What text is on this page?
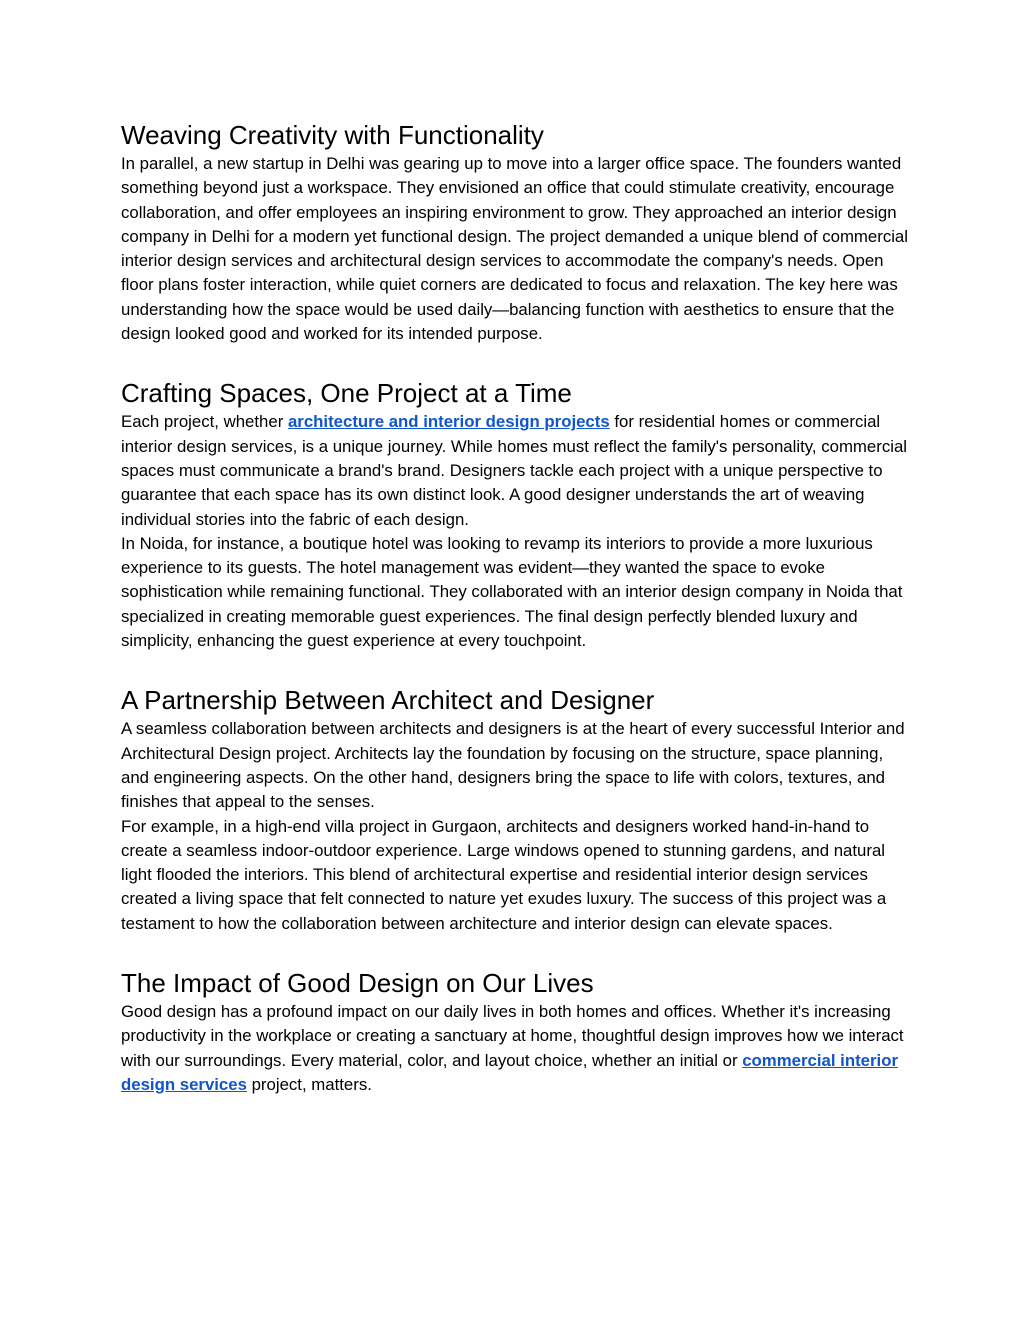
Weaving Creativity with Functionality

In parallel, a new startup in Delhi was gearing up to move into a larger office space. The founders wanted something beyond just a workspace. They envisioned an office that could stimulate creativity, encourage collaboration, and offer employees an inspiring environment to grow. They approached an interior design company in Delhi for a modern yet functional design. The project demanded a unique blend of commercial interior design services and architectural design services to accommodate the company's needs. Open floor plans foster interaction, while quiet corners are dedicated to focus and relaxation. The key here was understanding how the space would be used daily—balancing function with aesthetics to ensure that the design looked good and worked for its intended purpose.

Crafting Spaces, One Project at a Time

Each project, whether architecture and interior design projects for residential homes or commercial interior design services, is a unique journey. While homes must reflect the family's personality, commercial spaces must communicate a brand's brand. Designers tackle each project with a unique perspective to guarantee that each space has its own distinct look. A good designer understands the art of weaving individual stories into the fabric of each design.

In Noida, for instance, a boutique hotel was looking to revamp its interiors to provide a more luxurious experience to its guests. The hotel management was evident—they wanted the space to evoke sophistication while remaining functional. They collaborated with an interior design company in Noida that specialized in creating memorable guest experiences. The final design perfectly blended luxury and simplicity, enhancing the guest experience at every touchpoint.

A Partnership Between Architect and Designer

A seamless collaboration between architects and designers is at the heart of every successful Interior and Architectural Design project. Architects lay the foundation by focusing on the structure, space planning, and engineering aspects. On the other hand, designers bring the space to life with colors, textures, and finishes that appeal to the senses.

For example, in a high-end villa project in Gurgaon, architects and designers worked hand-in-hand to create a seamless indoor-outdoor experience. Large windows opened to stunning gardens, and natural light flooded the interiors. This blend of architectural expertise and residential interior design services created a living space that felt connected to nature yet exudes luxury. The success of this project was a testament to how the collaboration between architecture and interior design can elevate spaces.

The Impact of Good Design on Our Lives

Good design has a profound impact on our daily lives in both homes and offices. Whether it's increasing productivity in the workplace or creating a sanctuary at home, thoughtful design improves how we interact with our surroundings. Every material, color, and layout choice, whether an initial or commercial interior design services project, matters.
